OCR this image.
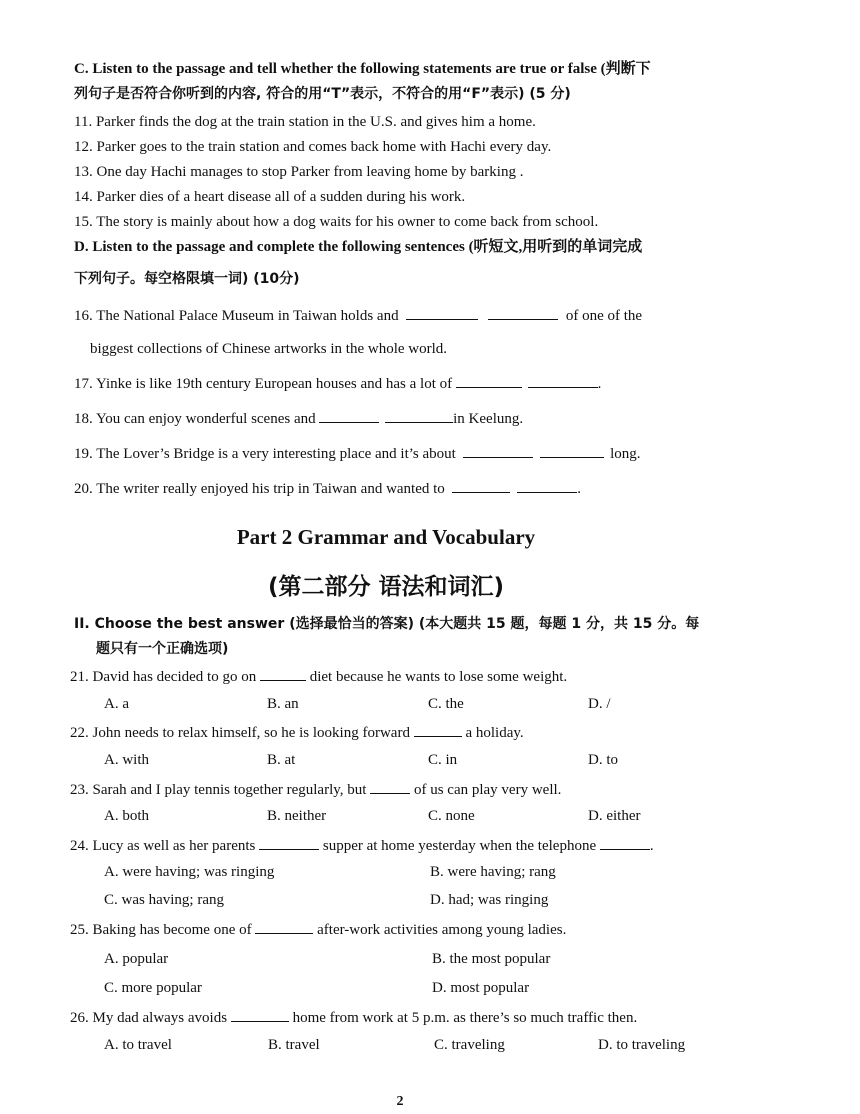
C. Listen to the passage and tell whether the following statements are true or false (判断下
列句子是否符合你听到的内容, 符合的用“T”表示，不符合的用“F”表示) (5 分)
11. Parker finds the dog at the train station in the U.S. and gives him a home.
12. Parker goes to the train station and comes back home with Hachi every day.
13. One day Hachi manages to stop Parker from leaving home by barking .
14. Parker dies of a heart disease all of a sudden during his work.
15. The story is mainly about how a dog waits for his owner to come back from school.
D. Listen to the passage and complete the following sentences (听短文,用听到的单词完成
下列句子。每空格限填一词) (10分)
16. The National Palace Museum in Taiwan holds and	of one of the
biggest collections of Chinese artworks in the whole world.
17. Yinke is like 19th century European houses and has a lot of	.
18. You can enjoy wonderful scenes and	in Keelung.
19. The Lover’s Bridge is a very interesting place and it’s about	long.
20. The writer really enjoyed his trip in Taiwan and wanted to	.
Part 2 Grammar and Vocabulary
(第二部分 语法和词汇)
II. Choose the best answer (选择最恰当的答案) (本大题共 15 题，每题 1 分，共 15 分。每
题只有一个正确选项)
21. David has decided to go on	diet because he wants to lose some weight.
A. a	B. an	C. the	D. /
22. John needs to relax himself, so he is looking forward	a holiday.
A. with	B. at	C. in	D. to
23. Sarah and I play tennis together regularly, but	of us can play very well.
A. both	B. neither	C. none	D. either
24. Lucy as well as her parents	supper at home yesterday when the telephone	.
A. were having; was ringing	B. were having; rang
C. was having; rang	D. had; was ringing
25. Baking has become one of	after-work activities among young ladies.
A. popular	B. the most popular
C. more popular	D. most popular
26. My dad always avoids	home from work at 5 p.m. as there’s so much traffic then.
A. to travel	B. travel	C. traveling	D. to traveling
2
